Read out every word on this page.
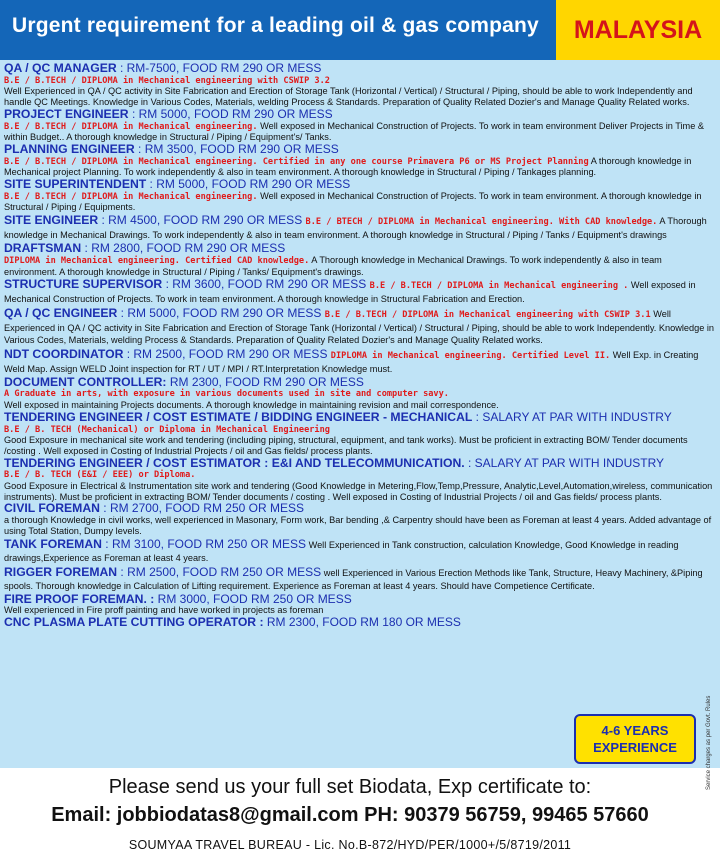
Urgent requirement for a leading oil & gas company	MALAYSIA

QA / QC MANAGER : RM-7500, FOOD RM 290 OR MESS

B.E / B.TECH / DIPLOMA in Mechanical engineering with CSWIP 3.2

Well Experienced in QA / QC activity in Site Fabrication and Erection of Storage Tank (Horizontal / Vertical) / Structural / Piping, should be able to work Independently and handle QC Meetings. Knowledge in Various Codes, Materials, welding Process & Standards. Preparation of Quality Related Dozier's and Manage Quality Related works.

PROJECT ENGINEER : RM 5000, FOOD RM 290 OR MESS

B.E / B.TECH / DIPLOMA in Mechanical engineering. Well exposed in Mechanical Construction of Projects. To work in team environment Deliver Projects in Time & within Budget.. A thorough knowledge in Structural / Piping / Equipment's/ Tanks.

PLANNING ENGINEER : RM 3500, FOOD RM 290 OR MESS

B.E / B.TECH / DIPLOMA in Mechanical engineering. Certified in any one course Primavera P6 or MS Project Planning A thorough knowledge in Mechanical project Planning. To work independently & also in team environment. A thorough knowledge in Structural / Piping / Tankages planning.

SITE SUPERINTENDENT : RM 5000, FOOD RM 290 OR MESS

B.E / B.TECH / DIPLOMA in Mechanical engineering. Well exposed in Mechanical Construction of Projects. To work in team environment. A thorough knowledge in Structural / Piping / Equipments.

SITE ENGINEER : RM 4500, FOOD RM 290 OR MESS B.E / BTECH / DIPLOMA in Mechanical engineering. With CAD knowledge. A Thorough knowledge in Mechanical Drawings. To work independently & also in team environment. A thorough knowledge in Structural / Piping / Tanks / Equipment's drawings

DRAFTSMAN : RM 2800, FOOD RM 290 OR MESS

DIPLOMA in Mechanical engineering. Certified CAD knowledge. A Thorough knowledge in Mechanical Drawings. To work independently & also in team environment. A thorough knowledge in Structural / Piping / Tanks/ Equipment's drawings.

STRUCTURE SUPERVISOR : RM 3600, FOOD RM 290 OR MESS B.E / B.TECH / DIPLOMA in Mechanical engineering . Well exposed in Mechanical Construction of Projects. To work in team environment. A thorough knowledge in Structural Fabrication and Erection.

QA / QC ENGINEER : RM 5000, FOOD RM 290 OR MESS B.E / B.TECH / DIPLOMA in Mechanical engineering with CSWIP 3.1 Well Experienced in QA / QC activity in Site Fabrication and Erection of Storage Tank (Horizontal / Vertical) / Structural / Piping, should be able to work Independently. Knowledge in Various Codes, Materials, welding Process & Standards. Preparation of Quality Related Dozier's and Manage Quality Related works.

NDT COORDINATOR : RM 2500, FOOD RM 290 OR MESS DIPLOMA in Mechanical engineering. Certified Level II. Well Exp. in Creating Weld Map. Assign WELD Joint inspection for RT / UT / MPI / RT.Interpretation Knowledge must.

DOCUMENT CONTROLLER: RM 2300, FOOD RM 290 OR MESS

A Graduate in arts, with exposure in various documents used in site and computer savy.

Well exposed in maintaining Projects documents. A thorough knowledge in maintaining revision and mail correspondence.

TENDERING ENGINEER / COST ESTIMATE / BIDDING ENGINEER - MECHANICAL : SALARY AT PAR WITH INDUSTRY

B.E / B. TECH (Mechanical) or Diploma in Mechanical Engineering

Good Exposure in mechanical site work and tendering (including piping, structural, equipment, and tank works). Must be proficient in extracting BOM/ Tender documents /costing . Well exposed in Costing of Industrial Projects / oil and Gas fields/ process plants.

TENDERING ENGINEER / COST ESTIMATOR : E&I AND TELECOMMUNICATION. : SALARY AT PAR WITH INDUSTRY

B.E / B. TECH (E&I / EEE) or Diploma.

Good Exposure in Electrical & Instrumentation site work and tendering (Good Knowledge in Metering,Flow,Temp,Pressure, Analytic,Level,Automation,wireless, communication instruments). Must be proficient in extracting BOM/ Tender documents / costing . Well exposed in Costing of Industrial Projects / oil and Gas fields/ process plants.

CIVIL FOREMAN : RM 2700, FOOD RM 250 OR MESS

a thorough Knowledge in civil works, well experienced in Masonary, Form work, Bar bending ,& Carpentry should have been as Foreman at least 4 years. Added advantage of using Total Station, Dumpy levels.

TANK FOREMAN : RM 3100, FOOD RM 250 OR MESS Well Experienced in Tank construction, calculation Knowledge, Good Knowledge in reading drawings,Experience as Foreman at least 4 years.

RIGGER FOREMAN : RM 2500, FOOD RM 250 OR MESS well Experienced in Various Erection Methods like Tank, Structure, Heavy Machinery, &Piping spools. Thorough knowledge in Calculation of Lifting requirement. Experience as Foreman at least 4 years. Should have Competience Certificate.

FIRE PROOF FOREMAN. : RM 3000, FOOD RM 250 OR MESS

Well experienced in Fire proff painting and have worked in projects as foreman

CNC PLASMA PLATE CUTTING OPERATOR : RM 2300, FOOD RM 180 OR MESS

4-6 YEARS
EXPERIENCE
Please send us your full set Biodata, Exp certificate to:
Email: jobbiodatas8@gmail.com PH: 90379 56759, 99465 57660
SOUMYAA TRAVEL BUREAU - Lic. No.B-872/HYD/PER/1000+/5/8719/2011
Service charges as per Govt. Rules
